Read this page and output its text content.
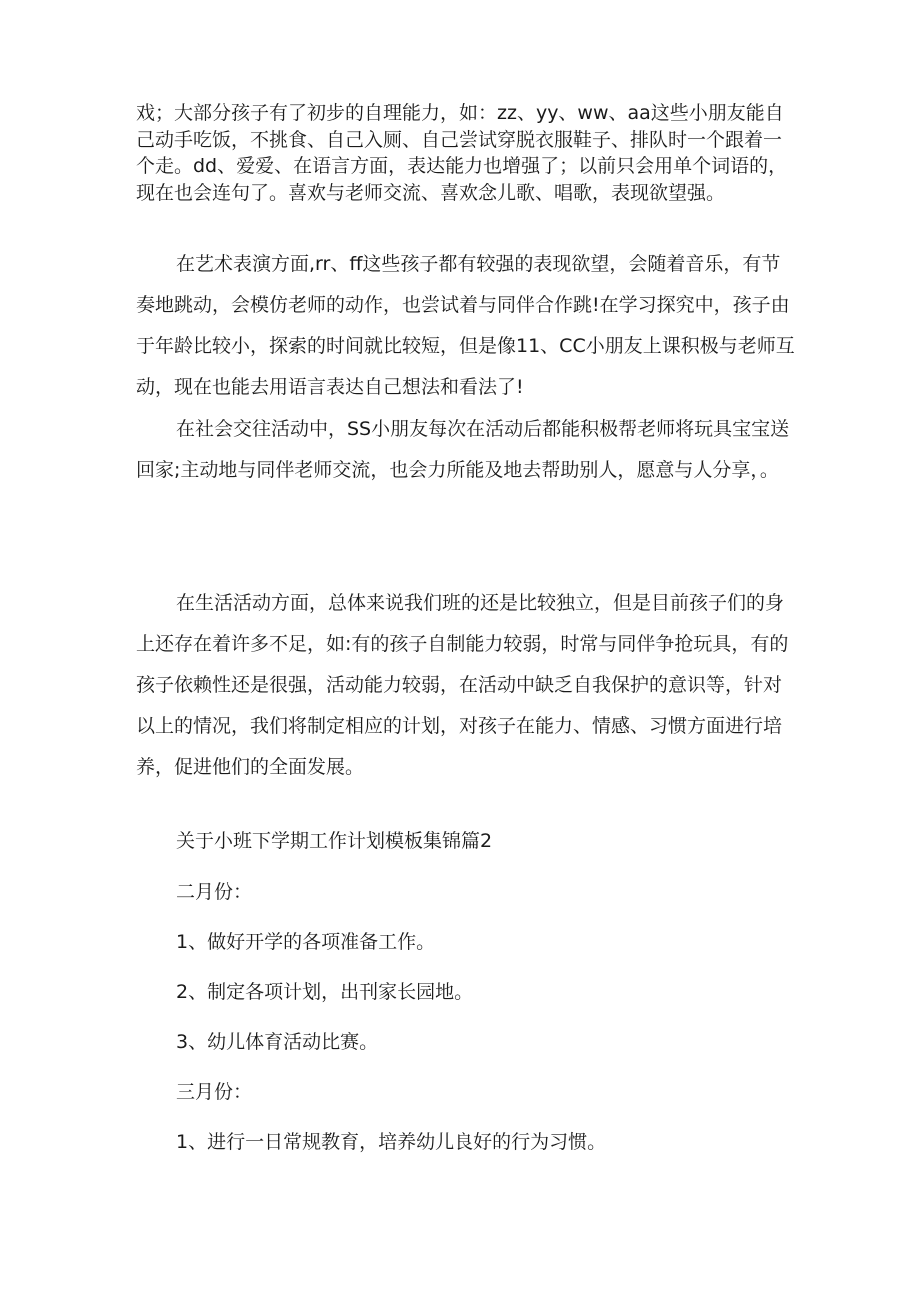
戏；大部分孩子有了初步的自理能力，如：zz、yy、ww、aa这些小朋友能自己动手吃饭，不挑食、自己入厕、自己尝试穿脱衣服鞋子、排队时一个跟着一个走。dd、爱爱、在语言方面，表达能力也增强了；以前只会用单个词语的，现在也会连句了。喜欢与老师交流、喜欢念儿歌、唱歌，表现欲望强。

在艺术表演方面,rr、ff这些孩子都有较强的表现欲望，会随着音乐，有节奏地跳动，会模仿老师的动作，也尝试着与同伴合作跳!在学习探究中，孩子由于年龄比较小，探索的时间就比较短，但是像11、CC小朋友上课积极与老师互动，现在也能去用语言表达自己想法和看法了!

在社会交往活动中，SS小朋友每次在活动后都能积极帮老师将玩具宝宝送回家;主动地与同伴老师交流，也会力所能及地去帮助别人，愿意与人分享，。

在生活活动方面，总体来说我们班的还是比较独立，但是目前孩子们的身上还存在着许多不足，如:有的孩子自制能力较弱，时常与同伴争抢玩具，有的孩子依赖性还是很强，活动能力较弱，在活动中缺乏自我保护的意识等，针对以上的情况，我们将制定相应的计划，对孩子在能力、情感、习惯方面进行培养，促进他们的全面发展。

关于小班下学期工作计划模板集锦篇2

二月份：

1、做好开学的各项准备工作。

2、制定各项计划，出刊家长园地。

3、幼儿体育活动比赛。

三月份：

1、进行一日常规教育，培养幼儿良好的行为习惯。
